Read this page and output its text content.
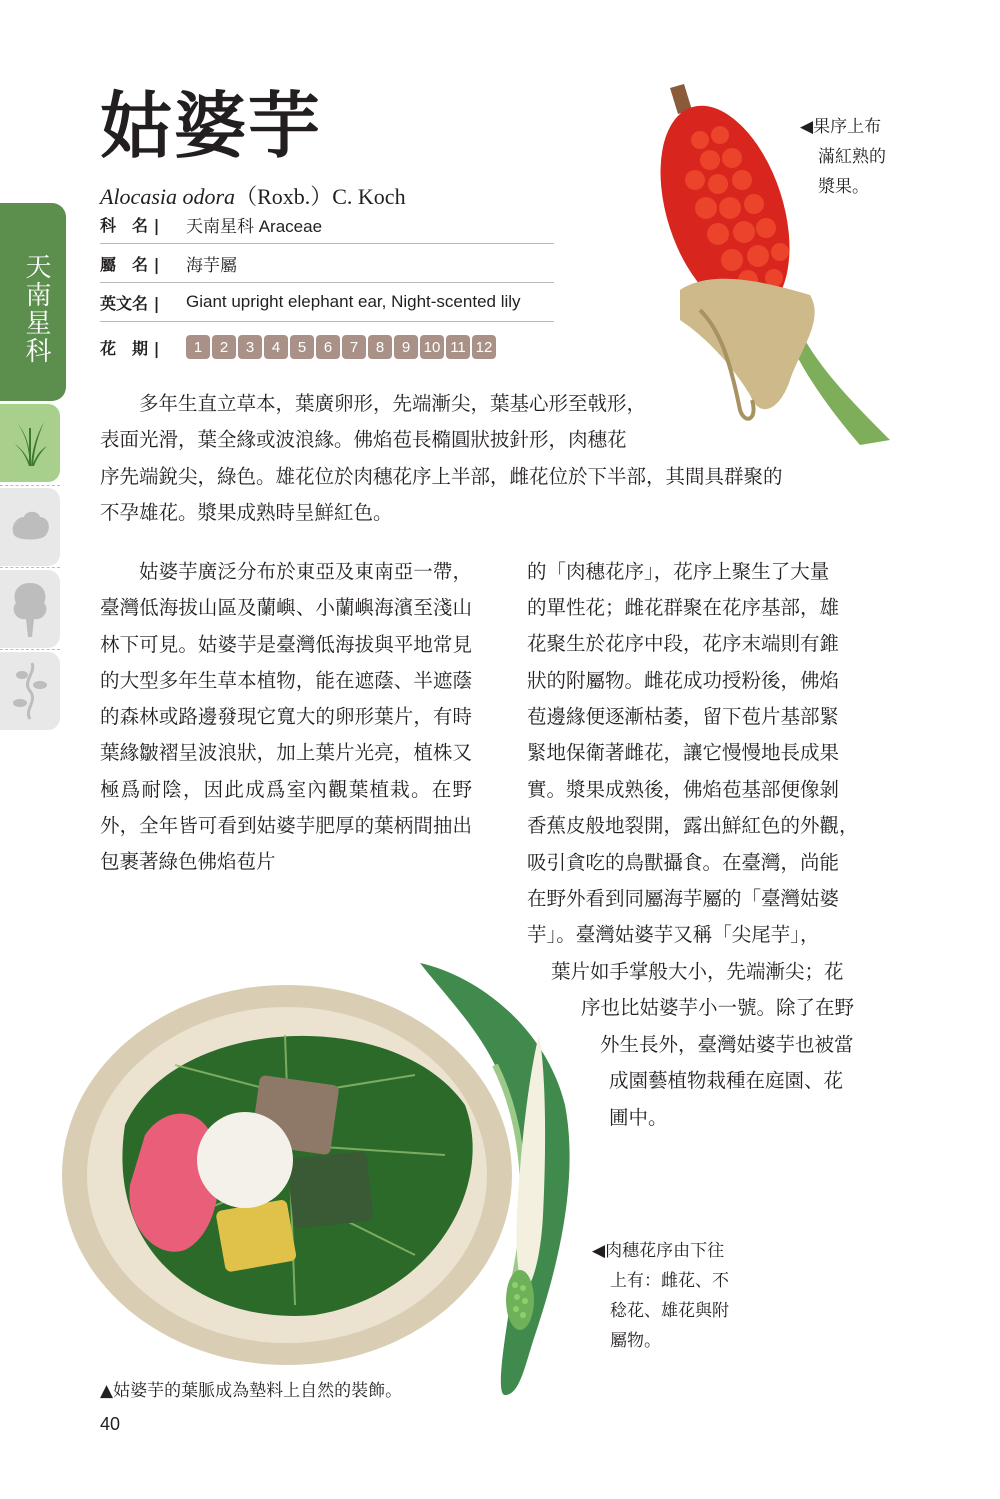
天南星科
姑婆芋
Alocasia odora（Roxb.）C. Koch
科　名 |	天南星科 Araceae
屬　名 |	海芋屬
英文名 |	Giant upright elephant ear, Night-scented lily
花　期 |	1	2	3	4	5	6	7	8	9 10 11 12
◀果序上布
滿紅熟的
漿果。
多年生直立草本，葉廣卵形，先端漸尖，葉基心形至戟形，
表面光滑，葉全緣或波浪緣。佛焰苞長橢圓狀披針形，肉穗花
序先端銳尖，綠色。雄花位於肉穗花序上半部，雌花位於下半部，其間具群聚的
不孕雄花。漿果成熟時呈鮮紅色。
姑婆芋廣泛分布於東亞及東南亞一帶，臺灣低海拔山區及蘭嶼、小蘭嶼海濱至淺山林下可見。姑婆芋是臺灣低海拔與平地常見的大型多年生草本植物，能在遮蔭、半遮蔭的森林或路邊發現它寬大的卵形葉片，有時葉緣皺褶呈波浪狀，加上葉片光亮，植株又極爲耐陰，因此成爲室內觀葉植栽。在野外，全年皆可看到姑婆芋肥厚的葉柄間抽出包裹著綠色佛焰苞片
的「肉穗花序」，花序上聚生了大量
的單性花；雌花群聚在花序基部，雄
花聚生於花序中段，花序末端則有錐
狀的附屬物。雌花成功授粉後，佛焰
苞邊緣便逐漸枯萎，留下苞片基部緊
緊地保衛著雌花，讓它慢慢地長成果
實。漿果成熟後，佛焰苞基部便像剝
香蕉皮般地裂開，露出鮮紅色的外觀，
吸引貪吃的鳥獸攝食。在臺灣，尚能
在野外看到同屬海芋屬的「臺灣姑婆
芋」。臺灣姑婆芋又稱「尖尾芋」，
葉片如手掌般大小，先端漸尖；花
序也比姑婆芋小一號。除了在野
外生長外，臺灣姑婆芋也被當
成園藝植物栽種在庭園、花
圃中。
▲姑婆芋的葉脈成為墊料上自然的裝飾。
◀肉穗花序由下往
上有：雌花、不
稔花、雄花與附
屬物。
40
